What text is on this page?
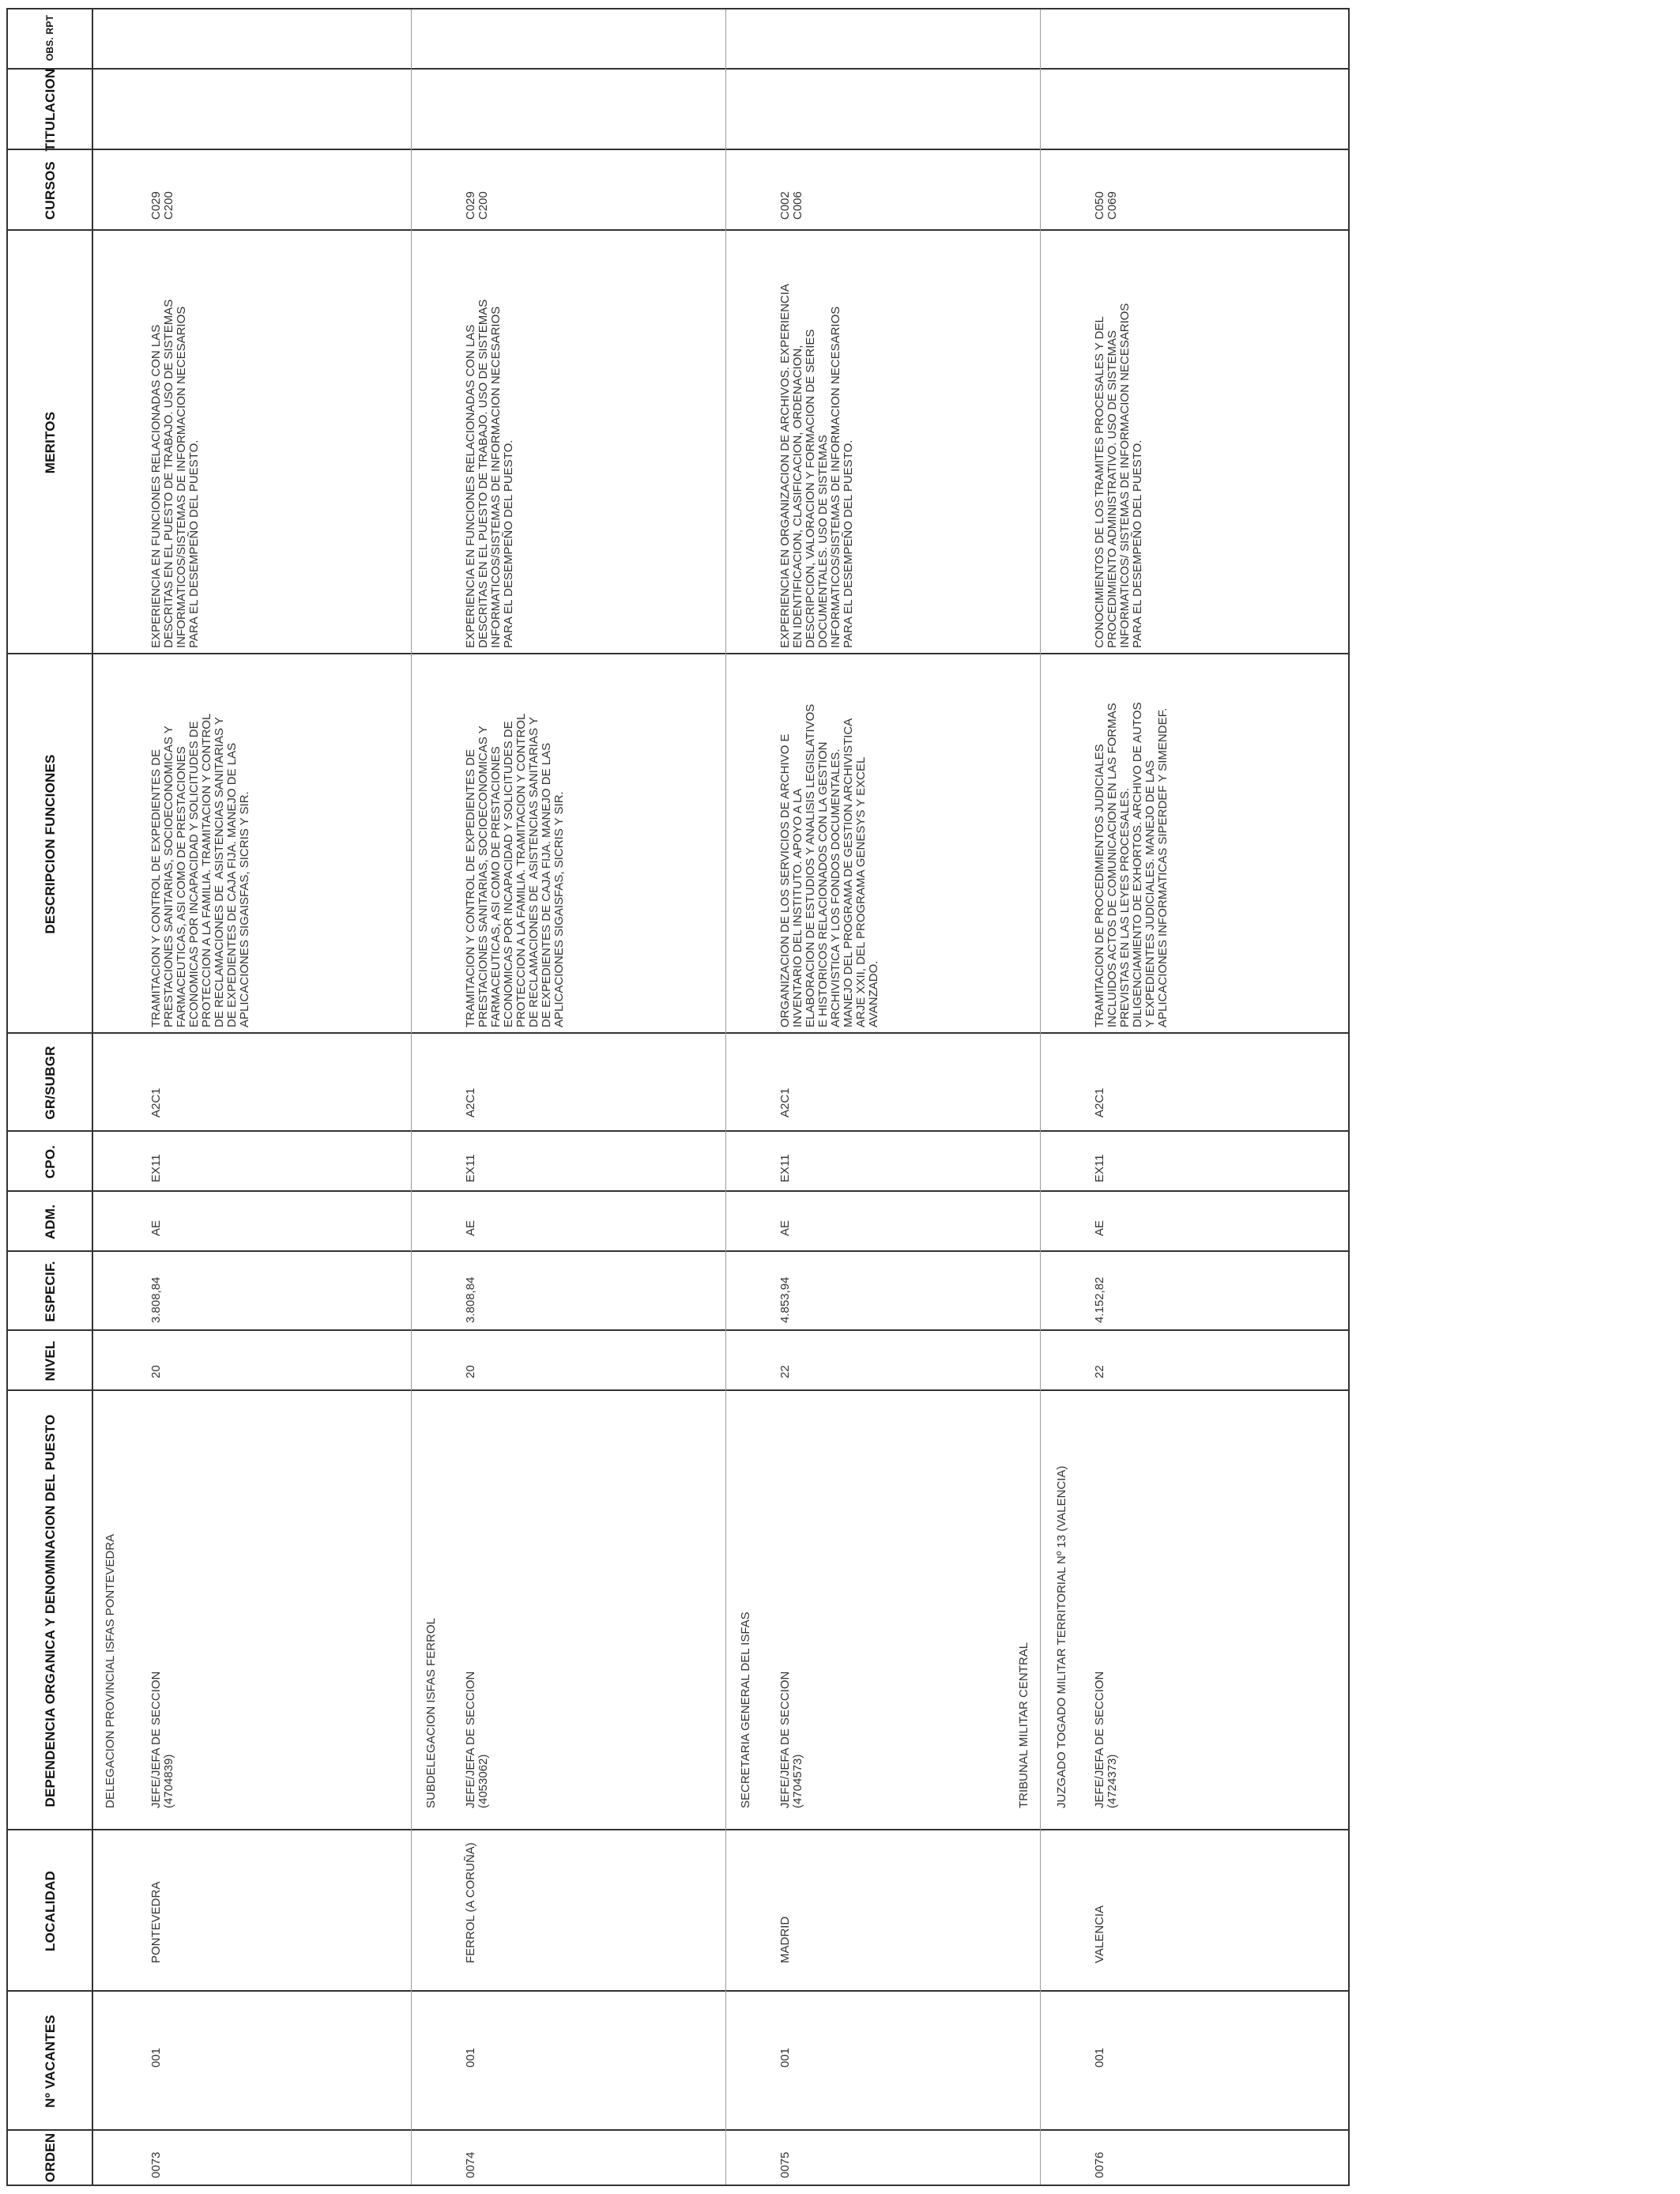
ORDEN
Nº VACANTES
LOCALIDAD
DEPENDENCIA ORGANICA Y DENOMINACION DEL PUESTO
NIVEL
ESPECIF.
ADM.
CPO.
GR/SUBGR
DESCRIPCION FUNCIONES
MERITOS
CURSOS
TITULACION
OBS. RPT
0073
001
PONTEVEDRA
DELEGACION PROVINCIAL ISFAS PONTEVEDRA	JEFE/JEFA DE SECCION
(4704839)
20
3.808,84
AE
EX11
A2C1
TRAMITACION Y CONTROL DE EXPEDIENTES DE
PRESTACIONES SANITARIAS, SOCIOECONOMICAS Y
FARMACEUTICAS, ASI COMO DE PRESTACIONES
ECONOMICAS POR INCAPACIDAD Y SOLICITUDES DE
PROTECCION A LA FAMILIA. TRAMITACION Y CONTROL
DE RECLAMACIONES DE  ASISTENCIAS SANITARIAS Y
DE EXPEDIENTES DE CAJA FIJA. MANEJO DE LAS
APLICACIONES SIGAISFAS, SICRIS Y SIR.
EXPERIENCIA EN FUNCIONES RELACIONADAS CON LAS
DESCRITAS EN EL PUESTO DE TRABAJO. USO DE SISTEMAS
INFORMATICOS/SISTEMAS DE INFORMACION NECESARIOS
PARA EL DESEMPEÑO DEL PUESTO.
C029
C200
0074
001
FERROL (A CORUÑA)
SUBDELEGACION ISFAS FERROL JEFE/JEFA DE SECCION
(4053062)
20
3.808,84
AE
EX11
A2C1
TRAMITACION Y CONTROL DE EXPEDIENTES DE
PRESTACIONES SANITARIAS, SOCIOECONOMICAS Y
FARMACEUTICAS, ASI COMO DE PRESTACIONES
ECONOMICAS POR INCAPACIDAD Y SOLICITUDES DE
PROTECCION A LA FAMILIA. TRAMITACION Y CONTROL
DE RECLAMACIONES DE  ASISTENCIAS SANITARIAS Y
DE EXPEDIENTES DE CAJA FIJA. MANEJO DE LAS
APLICACIONES SIGAISFAS, SICRIS Y SIR.
EXPERIENCIA EN FUNCIONES RELACIONADAS CON LAS
DESCRITAS EN EL PUESTO DE TRABAJO. USO DE SISTEMAS
INFORMATICOS/SISTEMAS DE INFORMACION NECESARIOS
PARA EL DESEMPEÑO DEL PUESTO.
C029
C200
0075
001
MADRID
SECRETARIA GENERAL DEL ISFAS JEFE/JEFA DE SECCION
(4704573)
22
4.853,94
AE
EX11
A2C1
ORGANIZACION DE LOS SERVICIOS DE ARCHIVO E
INVENTARIO DEL INSTITUTO. APOYO A LA
ELABORACION DE ESTUDIOS Y ANALISIS LEGISLATIVOS
E HISTORICOS RELACIONADOS CON LA GESTION
ARCHIVISTICA Y LOS FONDOS DOCUMENTALES.
MANEJO DEL PROGRAMA DE GESTION ARCHIVISTICA
ARJE XXII, DEL PROGRAMA GENESYS Y EXCEL
AVANZADO.
EXPERIENCIA EN ORGANIZACION DE ARCHIVOS. EXPERIENCIA
EN IDENTIFICACION, CLASIFICACION, ORDENACION,
DESCRIPCION, VALORACION Y FORMACION DE SERIES
DOCUMENTALES. USO DE SISTEMAS
INFORMATICOS/SISTEMAS DE INFORMACION NECESARIOS
PARA EL DESEMPEÑO DEL PUESTO.
C002
C006
0076
001
VALENCIA
TRIBUNAL MILITAR CENTRAL JUZGADO TOGADO MILITAR TERRITORIAL Nº 13 (VALENCIA) JEFE/JEFA DE SECCION
(4724373)
22
4.152,82
AE
EX11
A2C1
TRAMITACION DE PROCEDIMIENTOS JUDICIALES
INCLUIDOS ACTOS DE COMUNICACION EN LAS FORMAS
PREVISTAS EN LAS LEYES PROCESALES.
DILIGENCIAMIENTO DE EXHORTOS. ARCHIVO DE AUTOS
Y EXPEDIENTES JUDICIALES. MANEJO DE LAS
APLICACIONES INFORMATICAS SIPERDEF Y SIMENDEF.
CONOCIMIENTOS DE LOS TRAMITES PROCESALES Y DEL
PROCEDIMIENTO ADMINISTRATIVO. USO DE SISTEMAS
INFORMATICOS/ SISTEMAS DE INFORMACION NECESARIOS
PARA EL DESEMPEÑO DEL PUESTO.
C050
C069
